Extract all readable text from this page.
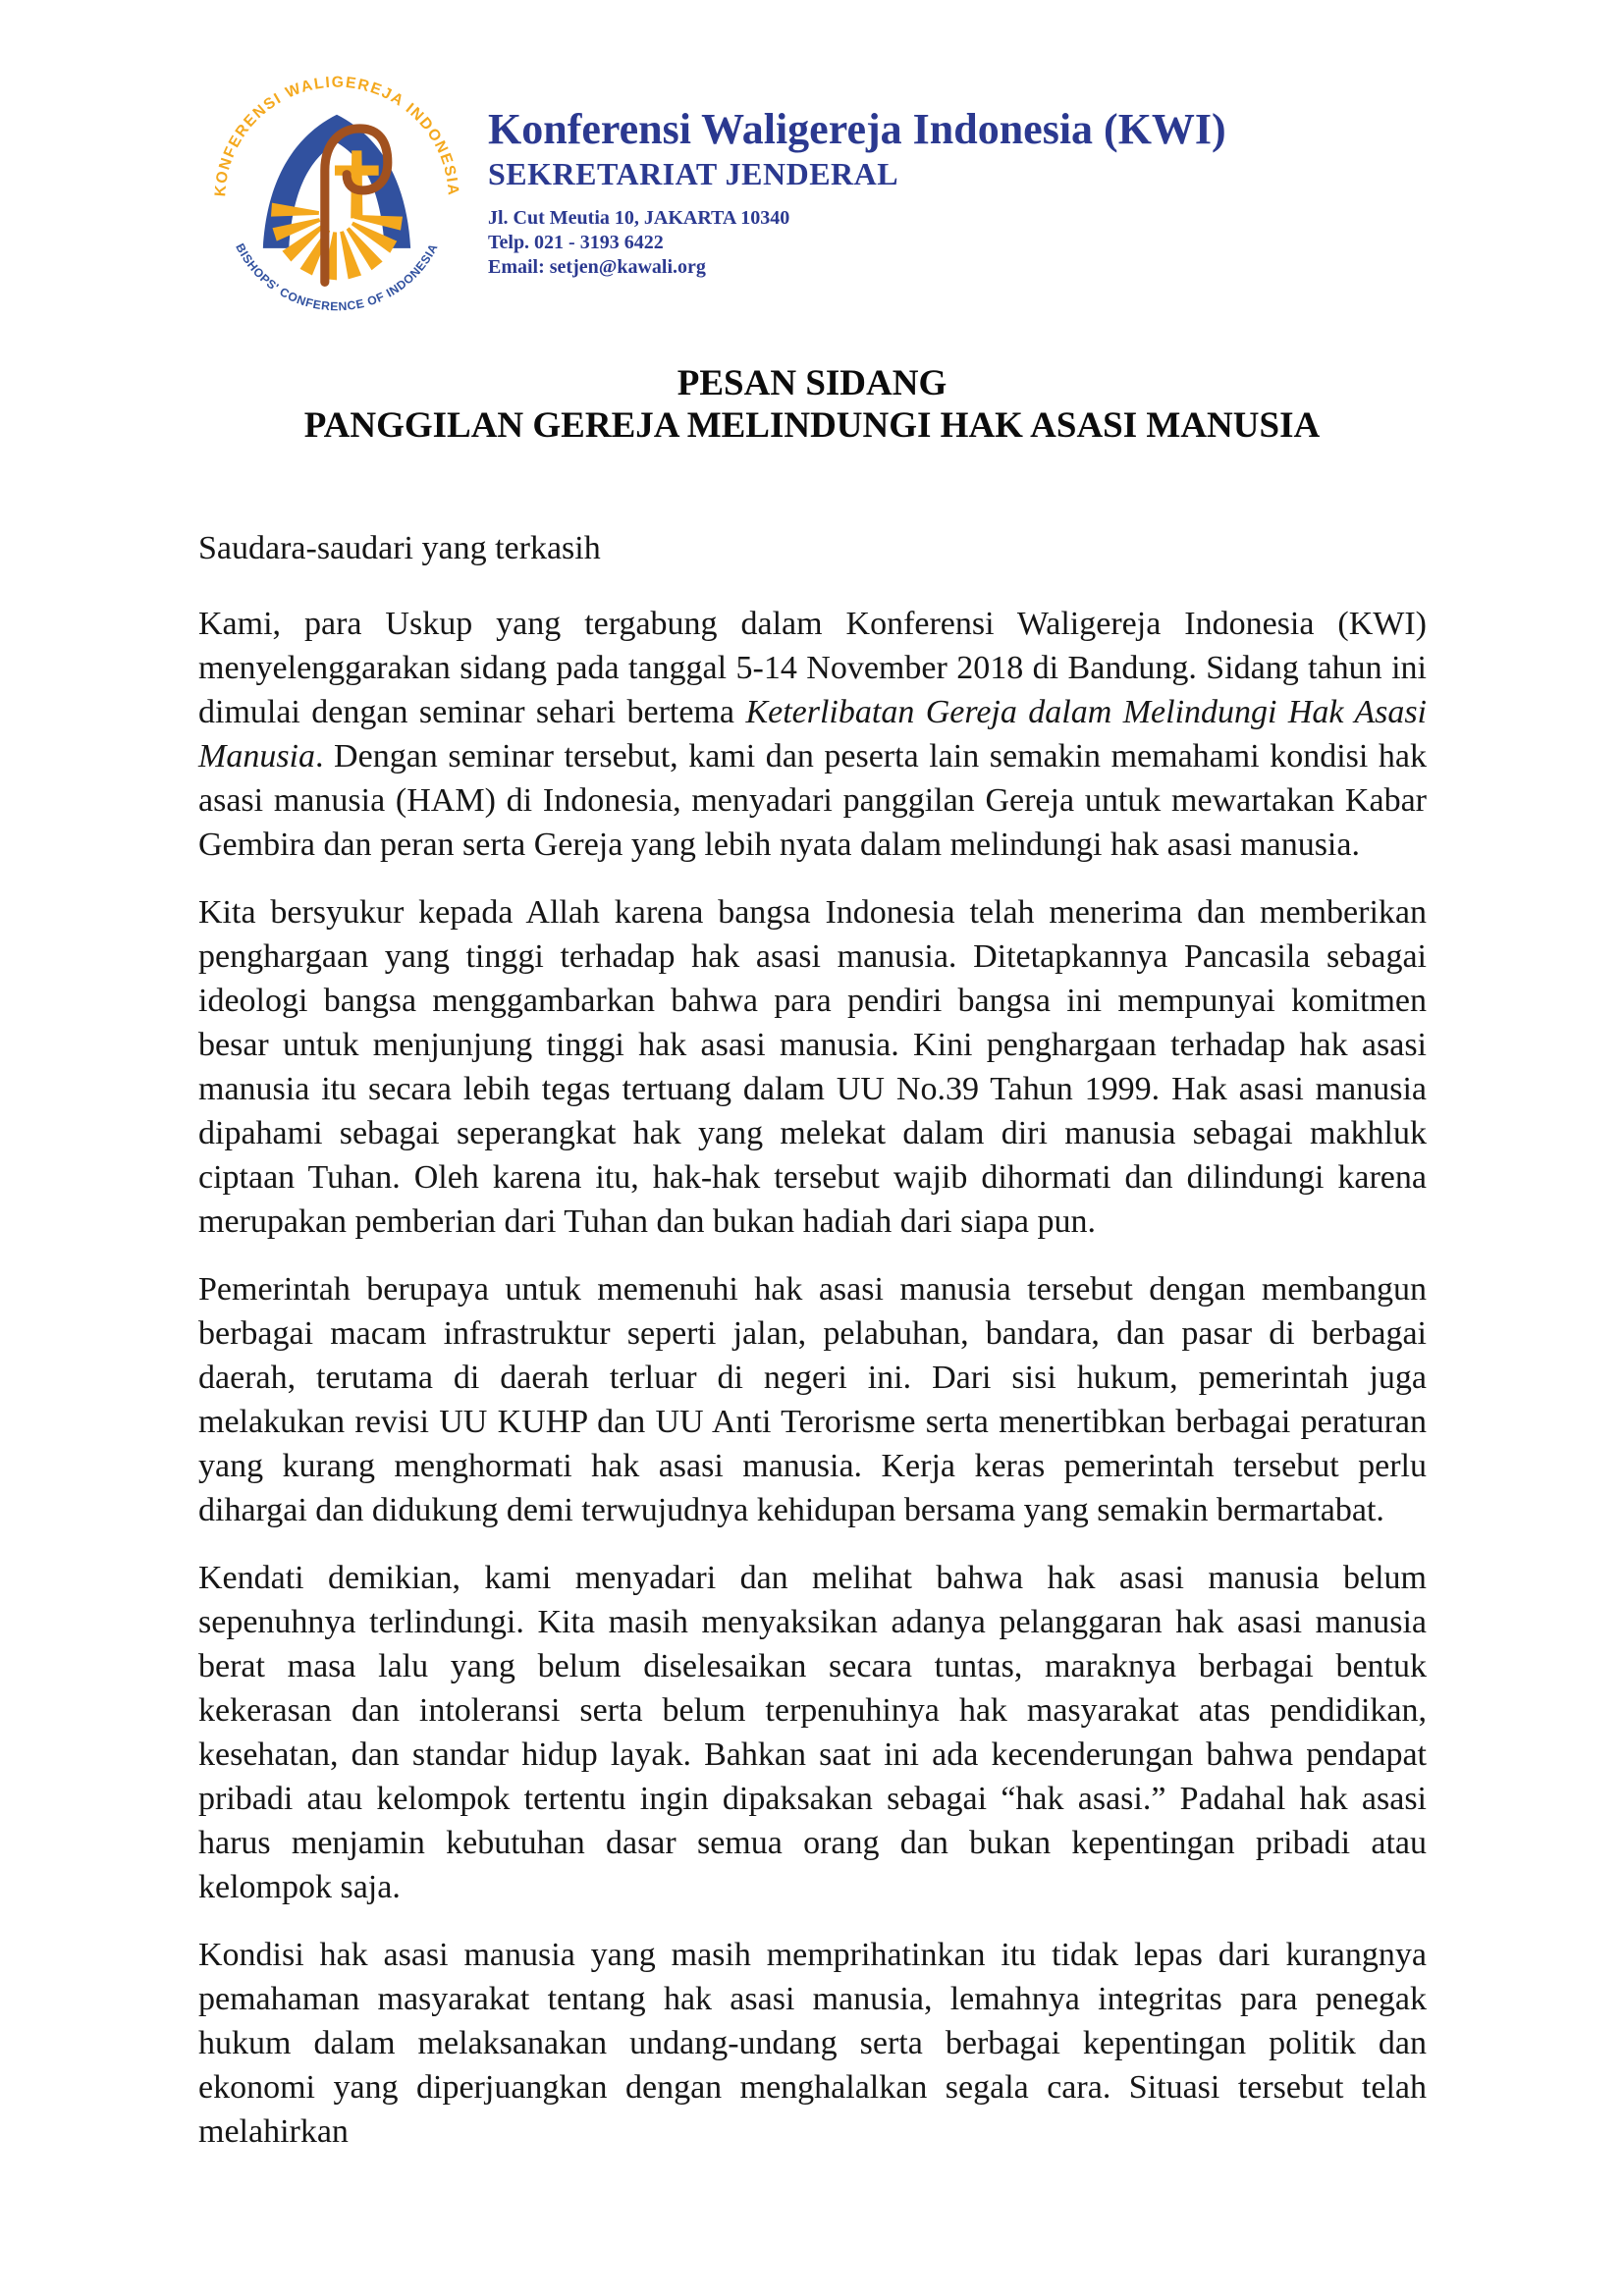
KONFERENSI WALIGEREJA INDONESIA
BISHOPS' CONFERENCE OF INDONESIA
Konferensi Waligereja Indonesia (KWI)
SEKRETARIAT JENDERAL
Jl. Cut Meutia 10, JAKARTA 10340
Telp. 021 - 3193 6422
Email: setjen@kawali.org
PESAN SIDANG
PANGGILAN GEREJA MELINDUNGI HAK ASASI MANUSIA

Saudara-saudari yang terkasih

Kami, para Uskup yang tergabung dalam Konferensi Waligereja Indonesia (KWI) menyelenggarakan sidang pada tanggal 5-14 November 2018 di Bandung. Sidang tahun ini dimulai dengan seminar sehari bertema Keterlibatan Gereja dalam Melindungi Hak Asasi Manusia. Dengan seminar tersebut, kami dan peserta lain semakin memahami kondisi hak asasi manusia (HAM) di Indonesia, menyadari panggilan Gereja untuk mewartakan Kabar Gembira dan peran serta Gereja yang lebih nyata dalam melindungi hak asasi manusia.

Kita bersyukur kepada Allah karena bangsa Indonesia telah menerima dan memberikan penghargaan yang tinggi terhadap hak asasi manusia. Ditetapkannya Pancasila sebagai ideologi bangsa menggambarkan bahwa para pendiri bangsa ini mempunyai komitmen besar untuk menjunjung tinggi hak asasi manusia. Kini penghargaan terhadap hak asasi manusia itu secara lebih tegas tertuang dalam UU No.39 Tahun 1999. Hak asasi manusia dipahami sebagai seperangkat hak yang melekat dalam diri manusia sebagai makhluk ciptaan Tuhan. Oleh karena itu, hak-hak tersebut wajib dihormati dan dilindungi karena merupakan pemberian dari Tuhan dan bukan hadiah dari siapa pun.

Pemerintah berupaya untuk memenuhi hak asasi manusia tersebut dengan membangun berbagai macam infrastruktur seperti jalan, pelabuhan, bandara, dan pasar di berbagai daerah, terutama di daerah terluar di negeri ini. Dari sisi hukum, pemerintah juga melakukan revisi UU KUHP dan UU Anti Terorisme serta menertibkan berbagai peraturan yang kurang menghormati hak asasi manusia. Kerja keras pemerintah tersebut perlu dihargai dan didukung demi terwujudnya kehidupan bersama yang semakin bermartabat.

Kendati demikian, kami menyadari dan melihat bahwa hak asasi manusia belum sepenuhnya terlindungi. Kita masih menyaksikan adanya pelanggaran hak asasi manusia berat masa lalu yang belum diselesaikan secara tuntas, maraknya berbagai bentuk kekerasan dan intoleransi serta belum terpenuhinya hak masyarakat atas pendidikan, kesehatan, dan standar hidup layak. Bahkan saat ini ada kecenderungan bahwa pendapat pribadi atau kelompok tertentu ingin dipaksakan sebagai “hak asasi.” Padahal hak asasi harus menjamin kebutuhan dasar semua orang dan bukan kepentingan pribadi atau kelompok saja.

Kondisi hak asasi manusia yang masih memprihatinkan itu tidak lepas dari kurangnya pemahaman masyarakat tentang hak asasi manusia, lemahnya integritas para penegak hukum dalam melaksanakan undang-undang serta berbagai kepentingan politik dan ekonomi yang diperjuangkan dengan menghalalkan segala cara. Situasi tersebut telah melahirkan
